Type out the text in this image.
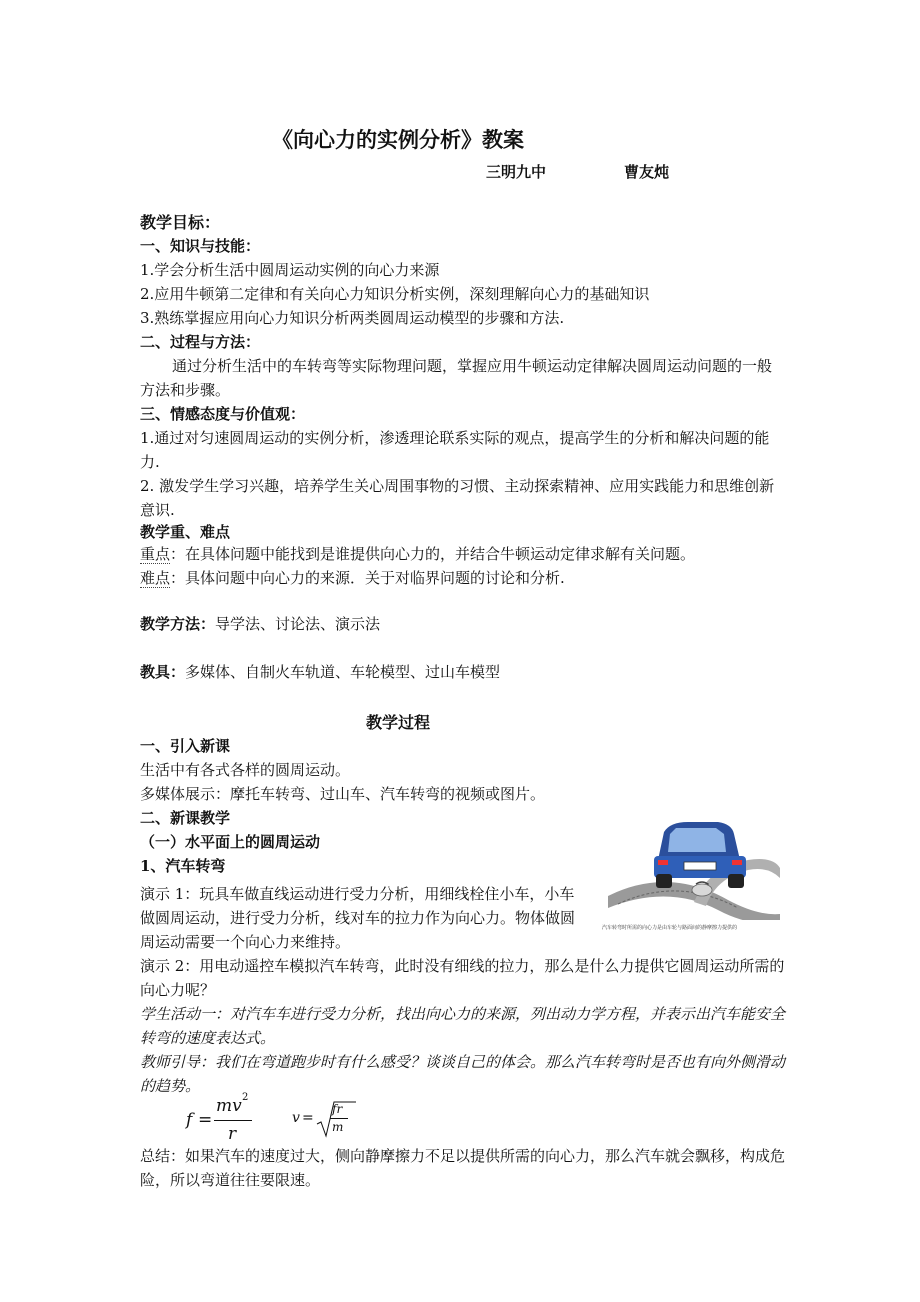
《向心力的实例分析》教案
三明九中	曹友炖
教学目标：
一、知识与技能：
1.学会分析生活中圆周运动实例的向心力来源
2.应用牛顿第二定律和有关向心力知识分析实例，深刻理解向心力的基础知识
3.熟练掌握应用向心力知识分析两类圆周运动模型的步骤和方法.
二、过程与方法：
通过分析生活中的车转弯等实际物理问题，掌握应用牛顿运动定律解决圆周运动问题的一般方法和步骤。
三、情感态度与价值观：
1.通过对匀速圆周运动的实例分析，渗透理论联系实际的观点，提高学生的分析和解决问题的能力.
2. 激发学生学习兴趣，培养学生关心周围事物的习惯、主动探索精神、应用实践能力和思维创新意识.
教学重、难点
重点：在具体问题中能找到是谁提供向心力的，并结合牛顿运动定律求解有关问题。
难点：具体问题中向心力的来源．关于对临界问题的讨论和分析.
教学方法：导学法、讨论法、演示法
教具：多媒体、自制火车轨道、车轮模型、过山车模型
教学过程
一、引入新课
生活中有各式各样的圆周运动。
多媒体展示：摩托车转弯、过山车、汽车转弯的视频或图片。
二、新课教学
（一）水平面上的圆周运动
1、汽车转弯
汽车转弯时所需的向心力是由车轮与路面间的静摩擦力提供的
演示 1：玩具车做直线运动进行受力分析，用细线栓住小车，小车做圆周运动，进行受力分析，线对车的拉力作为向心力。物体做圆周运动需要一个向心力来维持。
演示 2：用电动遥控车模拟汽车转弯，此时没有细线的拉力，那么是什么力提供它圆周运动所需的向心力呢？
学生活动一：对汽车车进行受力分析，找出向心力的来源，列出动力学方程，并表示出汽车能安全转弯的速度表达式。
教师引导：我们在弯道跑步时有什么感受？谈谈自己的体会。那么汽车转弯时是否也有向外侧滑动的趋势。
f =
mv 2
r
v =
fr
m
总结：如果汽车的速度过大，侧向静摩擦力不足以提供所需的向心力，那么汽车就会飘移，构成危险，所以弯道往往要限速。
